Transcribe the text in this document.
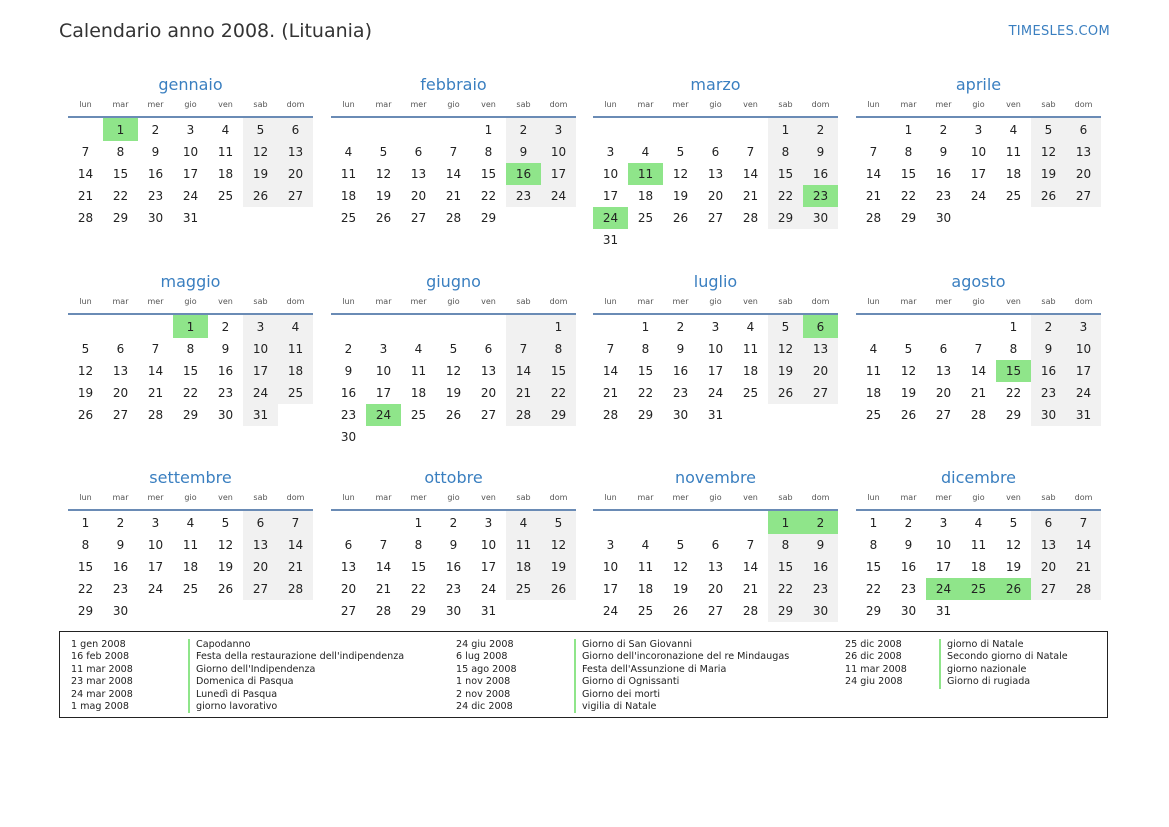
Calendario anno 2008. (Lituania)	TIMESLES.COM
gennaio
lun	mar	mer	gio	ven	sab	dom
	1	2	3	4	5	6
7	8	9	10	11	12	13
14	15	16	17	18	19	20
21	22	23	24	25	26	27
28	29	30	31			
febbraio
lun	mar	mer	gio	ven	sab	dom
				1	2	3
4	5	6	7	8	9	10
11	12	13	14	15	16	17
18	19	20	21	22	23	24
25	26	27	28	29		
marzo
lun	mar	mer	gio	ven	sab	dom
					1	2
3	4	5	6	7	8	9
10	11	12	13	14	15	16
17	18	19	20	21	22	23
24	25	26	27	28	29	30
31						
aprile
lun	mar	mer	gio	ven	sab	dom
	1	2	3	4	5	6
7	8	9	10	11	12	13
14	15	16	17	18	19	20
21	22	23	24	25	26	27
28	29	30				
maggio
lun	mar	mer	gio	ven	sab	dom
			1	2	3	4
5	6	7	8	9	10	11
12	13	14	15	16	17	18
19	20	21	22	23	24	25
26	27	28	29	30	31	
giugno
lun	mar	mer	gio	ven	sab	dom
						1
2	3	4	5	6	7	8
9	10	11	12	13	14	15
16	17	18	19	20	21	22
23	24	25	26	27	28	29
30						
luglio
lun	mar	mer	gio	ven	sab	dom
	1	2	3	4	5	6
7	8	9	10	11	12	13
14	15	16	17	18	19	20
21	22	23	24	25	26	27
28	29	30	31			
agosto
lun	mar	mer	gio	ven	sab	dom
				1	2	3
4	5	6	7	8	9	10
11	12	13	14	15	16	17
18	19	20	21	22	23	24
25	26	27	28	29	30	31
settembre
lun	mar	mer	gio	ven	sab	dom
1	2	3	4	5	6	7
8	9	10	11	12	13	14
15	16	17	18	19	20	21
22	23	24	25	26	27	28
29	30					
ottobre
lun	mar	mer	gio	ven	sab	dom
		1	2	3	4	5
6	7	8	9	10	11	12
13	14	15	16	17	18	19
20	21	22	23	24	25	26
27	28	29	30	31		
novembre
lun	mar	mer	gio	ven	sab	dom
					1	2
3	4	5	6	7	8	9
10	11	12	13	14	15	16
17	18	19	20	21	22	23
24	25	26	27	28	29	30
dicembre
lun	mar	mer	gio	ven	sab	dom
1	2	3	4	5	6	7
8	9	10	11	12	13	14
15	16	17	18	19	20	21
22	23	24	25	26	27	28
29	30	31				
1 gen 2008	Capodanno
16 feb 2008	Festa della restaurazione dell'indipendenza
11 mar 2008	Giorno dell'Indipendenza
23 mar 2008	Domenica di Pasqua
24 mar 2008	Lunedì di Pasqua
1 mag 2008	giorno lavorativo
24 giu 2008	Giorno di San Giovanni
6 lug 2008	Giorno dell'incoronazione del re Mindaugas
15 ago 2008	Festa dell'Assunzione di Maria
1 nov 2008	Giorno di Ognissanti
2 nov 2008	Giorno dei morti
24 dic 2008	vigilia di Natale
25 dic 2008	giorno di Natale
26 dic 2008	Secondo giorno di Natale
11 mar 2008	giorno nazionale
24 giu 2008	Giorno di rugiada
